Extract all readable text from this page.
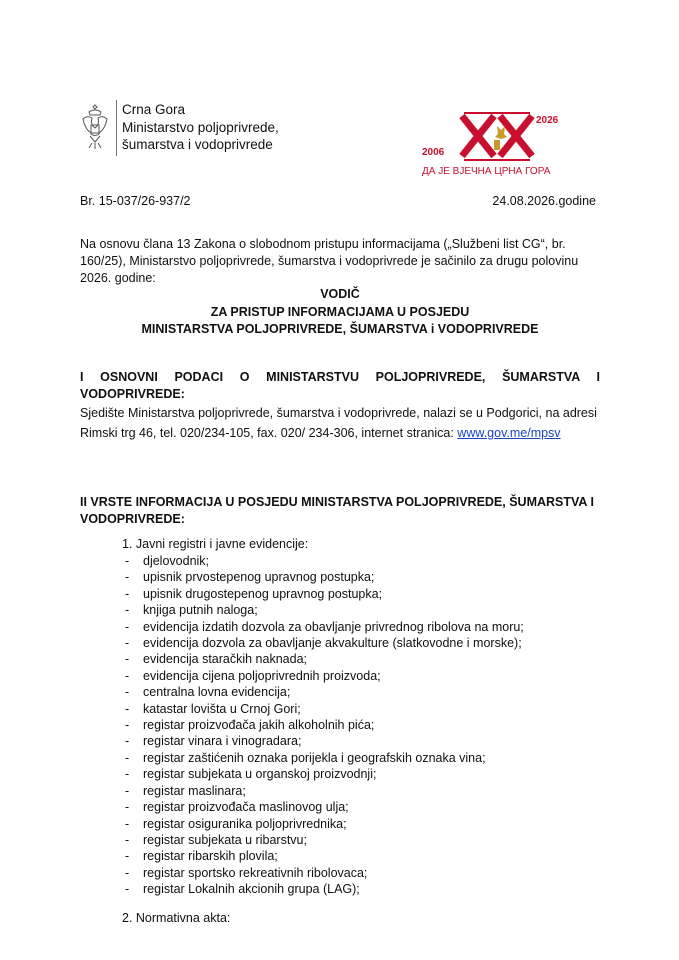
Crna Gora
Ministarstvo poljoprivrede,
šumarstva i vodoprivrede
2006
2026
ДА ЈЕ ВЈЕЧНА ЦРНА ГОРА
Br. 15-037/26-937/2	24.08.2026.godine
Na osnovu člana 13 Zakona o slobodnom pristupu informacijama („Službeni list CG“, br. 160/25), Ministarstvo poljoprivrede, šumarstva i vodoprivrede je sačinilo za drugu polovinu 2026. godine:
VODIČ
ZA PRISTUP INFORMACIJAMA U POSJEDU
MINISTARSTVA POLJOPRIVREDE, ŠUMARSTVA i VODOPRIVREDE
I OSNOVNI PODACI O MINISTARSTVU POLJOPRIVREDE, ŠUMARSTVA I VODOPRIVREDE:
Sjedište Ministarstva poljoprivrede, šumarstva i vodoprivrede, nalazi se u Podgorici, na adresi Rimski trg 46, tel. 020/234-105, fax. 020/ 234-306, internet stranica: www.gov.me/mpsv
II VRSTE INFORMACIJA U POSJEDU MINISTARSTVA POLJOPRIVREDE, ŠUMARSTVA I VODOPRIVREDE:
1. Javni registri i javne evidencije:
- djelovodnik;
- upisnik prvostepenog upravnog postupka;
- upisnik drugostepenog upravnog postupka;
- knjiga putnih naloga;
- evidencija izdatih dozvola za obavljanje privrednog ribolova na moru;
- evidencija dozvola za obavljanje akvakulture (slatkovodne i morske);
- evidencija staračkih naknada;
- evidencija cijena poljoprivrednih proizvoda;
- centralna lovna evidencija;
- katastar lovišta u Crnoj Gori;
- registar proizvođača jakih alkoholnih pića;
- registar vinara i vinogradara;
- registar zaštićenih oznaka porijekla i geografskih oznaka vina;
- registar subjekata u organskoj proizvodnji;
- registar maslinara;
- registar proizvođača maslinovog ulja;
- registar osiguranika poljoprivrednika;
- registar subjekata u ribarstvu;
- registar ribarskih plovila;
- registar sportsko rekreativnih ribolovaca;
- registar Lokalnih akcionih grupa (LAG);
2. Normativna akta:
